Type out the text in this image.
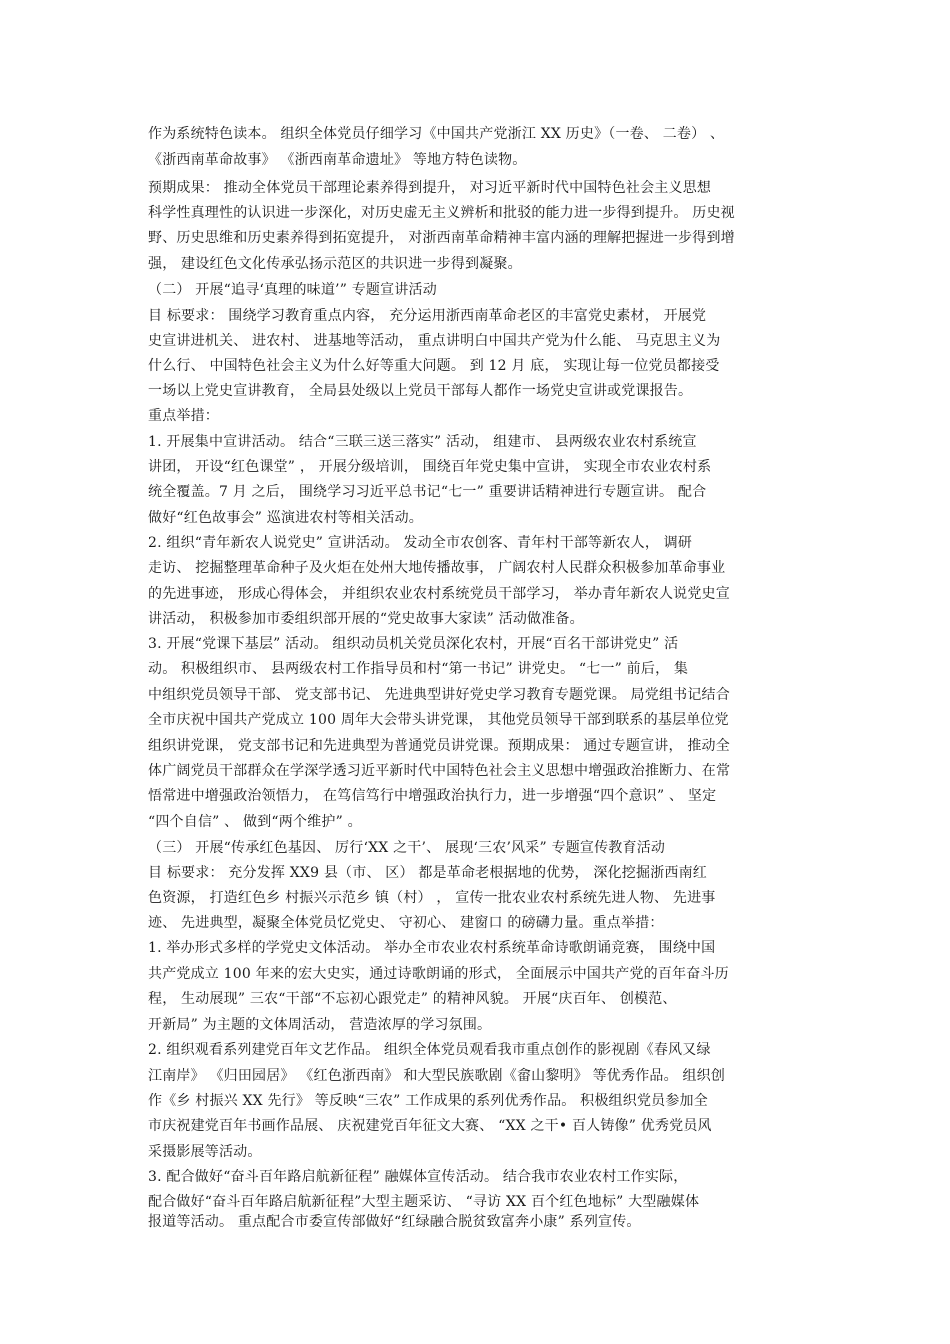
作为系统特色读本。 组织全体党员仔细学习《中国共产党浙江 XX 历史》（一卷、 二卷） 、
《浙西南革命故事》 《浙西南革命遗址》 等地方特色读物。
预期成果： 推动全体党员干部理论素养得到提升， 对习近平新时代中国特色社会主义思想
科学性真理性的认识进一步深化，对历史虚无主义辨析和批驳的能力进一步得到提升。 历史视
野、历史思维和历史素养得到拓宽提升， 对浙西南革命精神丰富内涵的理解把握进一步得到增
强， 建设红色文化传承弘扬示范区的共识进一步得到凝聚。
（二） 开展“追寻‘真理的味道’” 专题宣讲活动
目 标要求： 围绕学习教育重点内容， 充分运用浙西南革命老区的丰富党史素材， 开展党
史宣讲进机关、 进农村、 进基地等活动， 重点讲明白中国共产党为什么能、 马克思主义为
什么行、 中国特色社会主义为什么好等重大问题。 到 12 月 底， 实现让每一位党员都接受
一场以上党史宣讲教育， 全局县处级以上党员干部每人都作一场党史宣讲或党课报告。
重点举措：
1. 开展集中宣讲活动。 结合“三联三送三落实” 活动， 组建市、 县两级农业农村系统宣
讲团， 开设“红色课堂” ， 开展分级培训， 围绕百年党史集中宣讲， 实现全市农业农村系
统全覆盖。7 月 之后， 围绕学习习近平总书记“七一” 重要讲话精神进行专题宣讲。 配合
做好“红色故事会” 巡演进农村等相关活动。
2. 组织“青年新农人说党史” 宣讲活动。 发动全市农创客、青年村干部等新农人， 调研
走访、 挖掘整理革命种子及火炬在处州大地传播故事， 广阔农村人民群众积极参加革命事业
的先进事迹， 形成心得体会， 并组织农业农村系统党员干部学习， 举办青年新农人说党史宣
讲活动， 积极参加市委组织部开展的“党史故事大家读” 活动做准备。
3. 开展“党课下基层” 活动。 组织动员机关党员深化农村，开展“百名干部讲党史” 活
动。 积极组织市、 县两级农村工作指导员和村“第一书记” 讲党史。 “七一” 前后， 集
中组织党员领导干部、 党支部书记、 先进典型讲好党史学习教育专题党课。 局党组书记结合
全市庆祝中国共产党成立 100 周年大会带头讲党课， 其他党员领导干部到联系的基层单位党
组织讲党课， 党支部书记和先进典型为普通党员讲党课。预期成果： 通过专题宣讲， 推动全
体广阔党员干部群众在学深学透习近平新时代中国特色社会主义思想中增强政治推断力、在常
悟常进中增强政治领悟力， 在笃信笃行中增强政治执行力，进一步增强“四个意识” 、 坚定
“四个自信” 、 做到“两个维护” 。
（三） 开展“传承红色基因、 厉行‘XX 之干’、 展现‘三农’风采” 专题宣传教育活动
目 标要求： 充分发挥 XX9 县（市、 区） 都是革命老根据地的优势， 深化挖掘浙西南红
色资源， 打造红色乡 村振兴示范乡 镇（村） ， 宣传一批农业农村系统先进人物、 先进事
迹、 先进典型，凝聚全体党员忆党史、 守初心、 建窗口 的磅礴力量。重点举措：
1. 举办形式多样的学党史文体活动。 举办全市农业农村系统革命诗歌朗诵竞赛， 围绕中国
共产党成立 100 年来的宏大史实，通过诗歌朗诵的形式， 全面展示中国共产党的百年奋斗历
程， 生动展现” 三农“干部“不忘初心跟党走” 的精神风貌。 开展“庆百年、 创模范、
开新局” 为主题的文体周活动， 营造浓厚的学习氛围。
2. 组织观看系列建党百年文艺作品。 组织全体党员观看我市重点创作的影视剧《春风又绿
江南岸》 《归田园居》 《红色浙西南》 和大型民族歌剧《畲山黎明》 等优秀作品。 组织创
作《乡 村振兴 XX 先行》 等反映“三农” 工作成果的系列优秀作品。 积极组织党员参加全
市庆祝建党百年书画作品展、 庆祝建党百年征文大赛、 “XX 之干• 百人铸像” 优秀党员风
采摄影展等活动。
3. 配合做好“奋斗百年路启航新征程” 融媒体宣传活动。 结合我市农业农村工作实际，
配合做好“奋斗百年路启航新征程”大型主题采访、 “寻访 XX 百个红色地标” 大型融媒体
报道等活动。 重点配合市委宣传部做好“红绿融合脱贫致富奔小康” 系列宣传。
